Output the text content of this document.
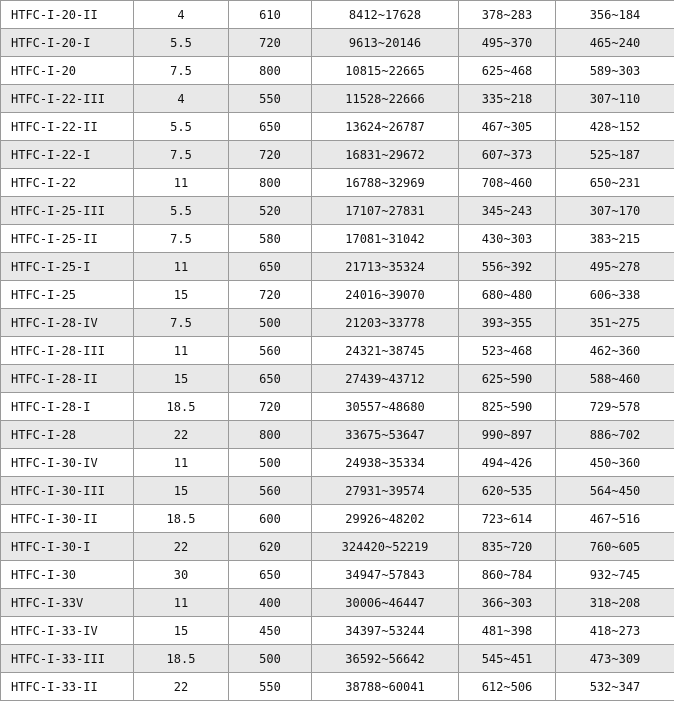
HTFC-I-20-II	4	610	8412~17628	378~283	356~184
HTFC-I-20-I	5.5	720	9613~20146	495~370	465~240
HTFC-I-20	7.5	800	10815~22665	625~468	589~303
HTFC-I-22-III	4	550	11528~22666	335~218	307~110
HTFC-I-22-II	5.5	650	13624~26787	467~305	428~152
HTFC-I-22-I	7.5	720	16831~29672	607~373	525~187
HTFC-I-22	11	800	16788~32969	708~460	650~231
HTFC-I-25-III	5.5	520	17107~27831	345~243	307~170
HTFC-I-25-II	7.5	580	17081~31042	430~303	383~215
HTFC-I-25-I	11	650	21713~35324	556~392	495~278
HTFC-I-25	15	720	24016~39070	680~480	606~338
HTFC-I-28-IV	7.5	500	21203~33778	393~355	351~275
HTFC-I-28-III	11	560	24321~38745	523~468	462~360
HTFC-I-28-II	15	650	27439~43712	625~590	588~460
HTFC-I-28-I	18.5	720	30557~48680	825~590	729~578
HTFC-I-28	22	800	33675~53647	990~897	886~702
HTFC-I-30-IV	11	500	24938~35334	494~426	450~360
HTFC-I-30-III	15	560	27931~39574	620~535	564~450
HTFC-I-30-II	18.5	600	29926~48202	723~614	467~516
HTFC-I-30-I	22	620	324420~52219	835~720	760~605
HTFC-I-30	30	650	34947~57843	860~784	932~745
HTFC-I-33V	11	400	30006~46447	366~303	318~208
HTFC-I-33-IV	15	450	34397~53244	481~398	418~273
HTFC-I-33-III	18.5	500	36592~56642	545~451	473~309
HTFC-I-33-II	22	550	38788~60041	612~506	532~347
